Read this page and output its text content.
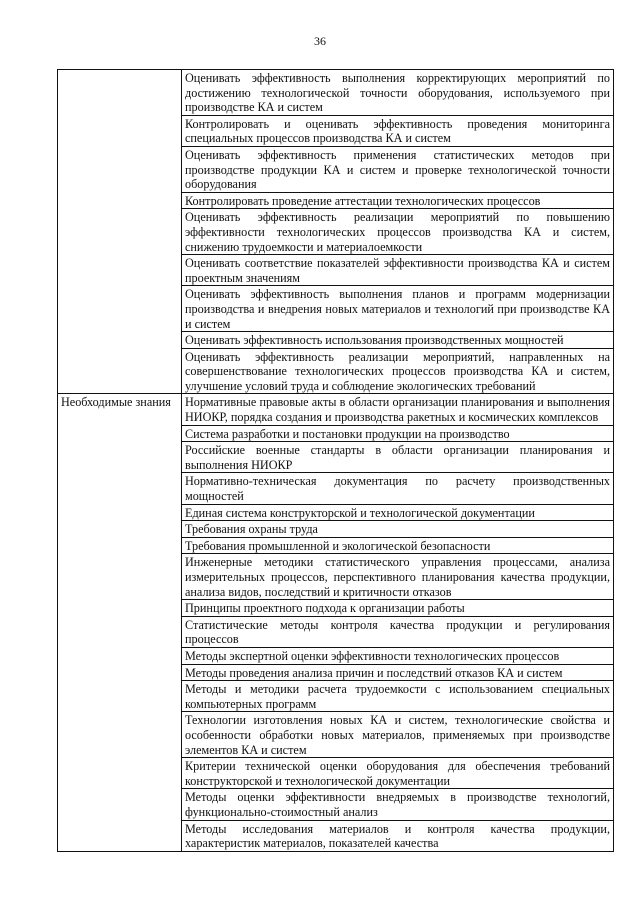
36
	Оценивать эффективность выполнения корректирующих мероприятий по достижению технологической точности оборудования, используемого при производстве КА и систем
	Контролировать и оценивать эффективность проведения мониторинга специальных процессов производства КА и систем
	Оценивать эффективность применения статистических методов при производстве продукции КА и систем и проверке технологической точности оборудования
	Контролировать проведение аттестации технологических процессов
	Оценивать эффективность реализации мероприятий по повышению эффективности технологических процессов производства КА и систем, снижению трудоемкости и материалоемкости
	Оценивать соответствие показателей эффективности производства КА и систем проектным значениям
	Оценивать эффективность выполнения планов и программ модернизации производства и внедрения новых материалов и технологий при производстве КА и систем
	Оценивать эффективность использования производственных мощностей
	Оценивать эффективность реализации мероприятий, направленных на совершенствование технологических процессов производства КА и систем, улучшение условий труда и соблюдение экологических требований
Необходимые знания	Нормативные правовые акты в области организации планирования и выполнения НИОКР, порядка создания и производства ракетных и космических комплексов
	Система разработки и постановки продукции на производство
	Российские военные стандарты в области организации планирования и выполнения НИОКР
	Нормативно-техническая документация по расчету производственных мощностей
	Единая система конструкторской и технологической документации
	Требования охраны труда
	Требования промышленной и экологической безопасности
	Инженерные методики статистического управления процессами, анализа измерительных процессов, перспективного планирования качества продукции, анализа видов, последствий и критичности отказов
	Принципы проектного подхода к организации работы
	Статистические методы контроля качества продукции и регулирования процессов
	Методы экспертной оценки эффективности технологических процессов
	Методы проведения анализа причин и последствий отказов КА и систем
	Методы и методики расчета трудоемкости с использованием специальных компьютерных программ
	Технологии изготовления новых КА и систем, технологические свойства и особенности обработки новых материалов, применяемых при производстве элементов КА и систем
	Критерии технической оценки оборудования для обеспечения требований конструкторской и технологической документации
	Методы оценки эффективности внедряемых в производстве технологий, функционально-стоимостный анализ
	Методы исследования материалов и контроля качества продукции, характеристик материалов, показателей качества
